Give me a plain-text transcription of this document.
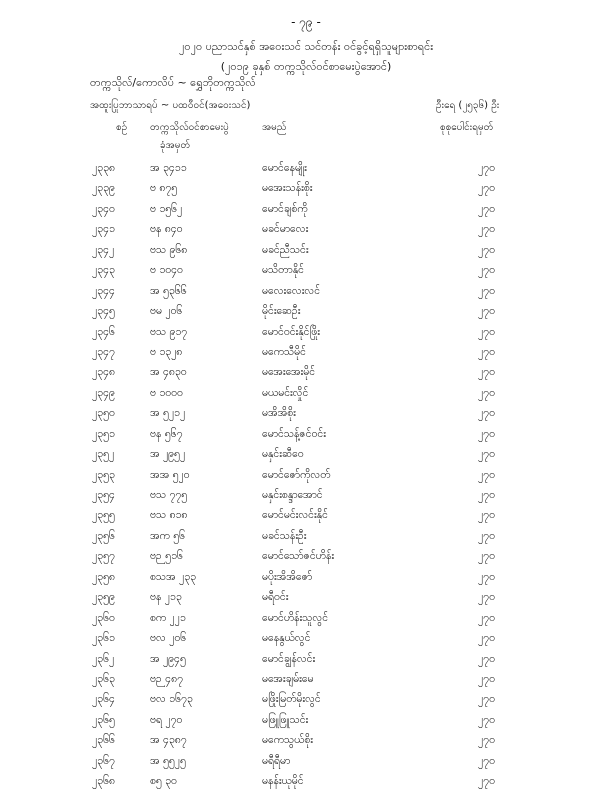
- ၇၉ -
၂၀၂၀ ပညာသင်နှစ် အဝေးသင် သင်တန်း ဝင်ခွင့်ရရှိသူများစာရင်း
(၂၀၁၉ ခုနှစ် တက္ကသိုလ်ဝင်စာမေးပွဲအောင်)
တက္ကသိုလ်/ကောလိပ် ~ ရွှေဘိုတက္ကသိုလ်
အထူးပြုဘာသာရပ် ~ ပထဝီဝင်(အဝေးသင်)	ဦးရေ (၂၅၃၆) ဦး
စဉ် တက္ကသိုလ်ဝင်စာမေးပွဲ	အမည်	စုစုပေါင်းရမှတ်
ခုံအမှတ်
၂၃၃၈	အ ၃၄၁၁	မောင်နေမျိုး	၂၇၀
၂၃၃၉	ဗ ၈၇၅	မအေးသန်းစိုး	၂၇၀
၂၃၄၀	ဗ ၁၅၆၂	မောင်ချစ်ကို	၂၇၀
၂၃၄၁	ဗန ၈၄၀	မခင်မာလေး	၂၇၀
၂၃၄၂	ဗသ ၉၆၈	မခင်ညီသင်း	၂၇၀
၂၃၄၃	ဗ ၁၀၄၀	မသိတာနိုင်	၂၇၀
၂၃၄၄	အ ၅၃၆၆	မလေးလေးလင်	၂၇၀
၂၃၄၅	ဗမ ၂၀၆	မိုင်းဆေဦး	၂၇၀
၂၃၄၆	ဗသ ၉၁၇	မောင်ဝင်းနိုင်ဖြိုး	၂၇၀
၂၃၄၇	ဗ ၁၃၂၈	မကေသီမိုင်	၂၇၀
၂၃၄၈	အ ၄၈၃၀	မအေးအေးမိုင်	၂၇၀
၂၃၄၉	ဗ ၁၀၀၀	မယမင်းလှိုင်	၂၇၀
၂၃၅၀	အ ၅၂၁၂	မအိအိစိုး	၂၇၀
၂၃၅၁	ဗန ၅၆၇	မောင်သန့်ဇင်ဝင်း	၂၇၀
၂၃၅၂	အ ၂၉၅၂	မနှင်းဆီဝေ	၂၇၀
၂၃၅၃	အအ ၅၂၀	မောင်ဇော်ကိုလတ်	၂၇၀
၂၃၅၄	ဗသ ၇၇၅	မနှင်းစန္ဒာအောင်	၂၇၀
၂၃၅၅	ဗသ ၈၁၈	မောင်မင်းလင်းနိုင်	၂၇၀
၂၃၅၆	အက ၅၆	မခင်သန်းဦး	၂၇၀
၂၃၅၇	ဗဉ ၅၁၆	မောင်သော်ဇင်ဟိန်း	၂၇၀
၂၃၅၈	စသအ ၂၃၃	မပိုးအိအိဇော်	၂၇၀
၂၃၅၉	ဗန ၂၁၃	မရီဝင်း	၂၇၀
၂၃၆၀	စက ၂၂၁	မောင်ဟိန်းသူလွင်	၂၇၀
၂၃၆၁	ဗလ ၂၀၆	မနေနွယ်လွင်	၂၇၀
၂၃၆၂	အ ၂၉၄၅	မောင်ချွန်လင်း	၂၇၀
၂၃၆၃	ဗဉ ၄၈၇	မအေးချမ်းမေ	၂၇၀
၂၃၆၄	ဗလ ၁၆၇၃	မဖြိုးမြတ်မိုးလွင်	၂၇၀
၂၃၆၅	ဗရ ၂၇၀	မဖြူဖြူသင်း	၂၇၀
၂၃၆၆	အ ၄၃၈၇	မကေသွယ်စိုး	၂၇၀
၂၃၆၇	အ ၅၅၂၅	မရီရီမာ	၂၇၀
၂၃၆၈	စ၅ ၃၀	မနန်းယုမိုင်	၂၇၀
